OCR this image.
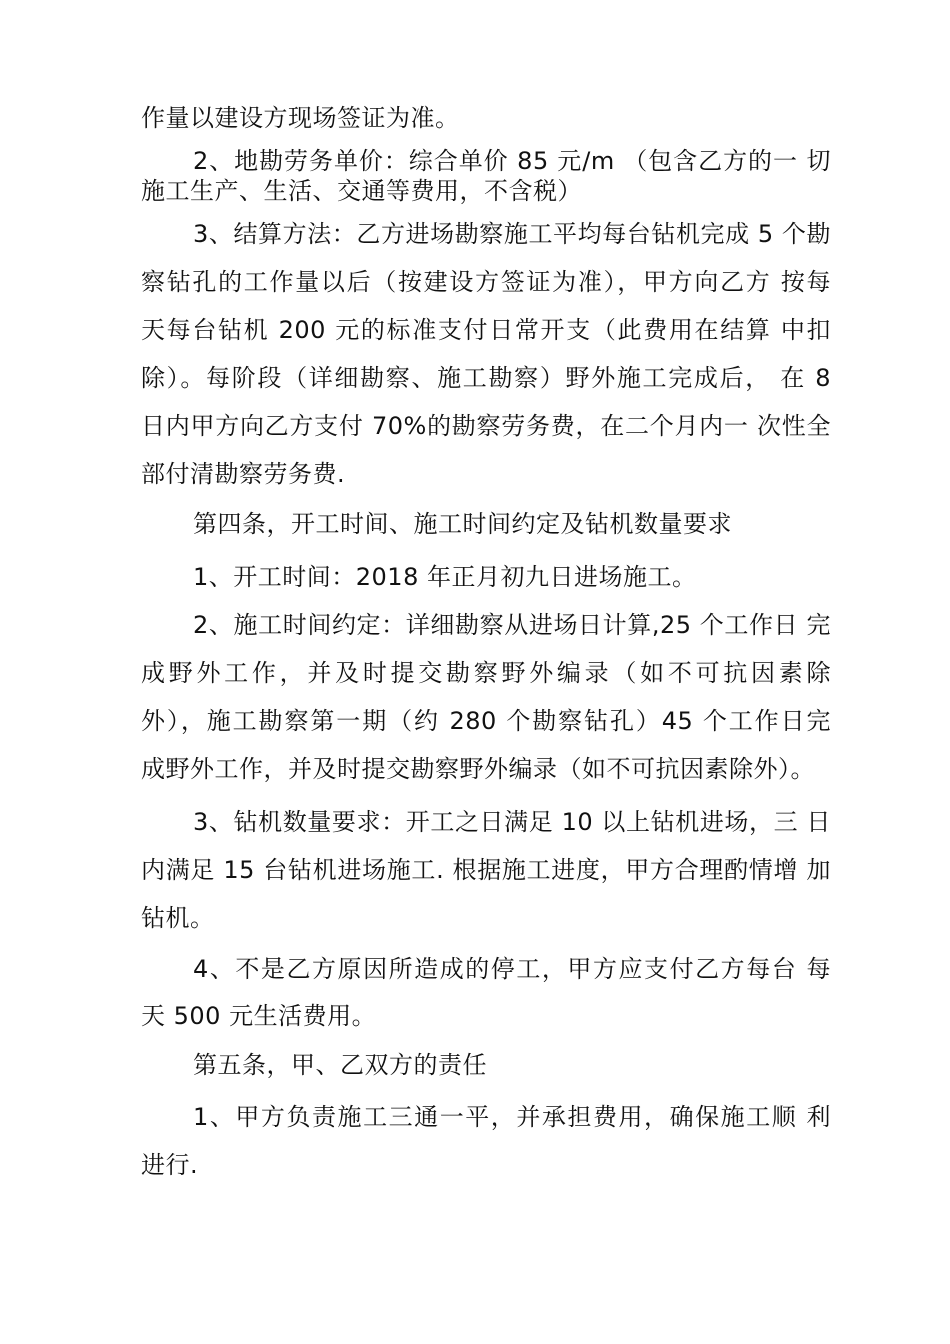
作量以建设方现场签证为准。
2、地勘劳务单价：综合单价 85 元/m （包含乙方的一 切
施工生产、生活、交通等费用，不含税）
3、结算方法：乙方进场勘察施工平均每台钻机完成 5 个勘
察钻孔的工作量以后（按建设方签证为准），甲方向乙方 按每
天每台钻机 200 元的标准支付日常开支（此费用在结算 中扣
除）。每阶段（详细勘察、施工勘察）野外施工完成后， 在 8
日内甲方向乙方支付 70%的勘察劳务费，在二个月内一 次性全
部付清勘察劳务费.
第四条，开工时间、施工时间约定及钻机数量要求
1、开工时间：2018 年正月初九日进场施工。
2、施工时间约定：详细勘察从进场日计算,25 个工作日 完
成野外工作，并及时提交勘察野外编录（如不可抗因素除
外），施工勘察第一期（约 280 个勘察钻孔）45 个工作日完
成野外工作，并及时提交勘察野外编录（如不可抗因素除外）。
3、钻机数量要求：开工之日满足 10 以上钻机进场，三 日
内满足 15 台钻机进场施工. 根据施工进度，甲方合理酌情增 加
钻机。
4、不是乙方原因所造成的停工，甲方应支付乙方每台 每
天 500 元生活费用。
第五条，甲、乙双方的责任
1、甲方负责施工三通一平，并承担费用，确保施工顺 利
进行.
